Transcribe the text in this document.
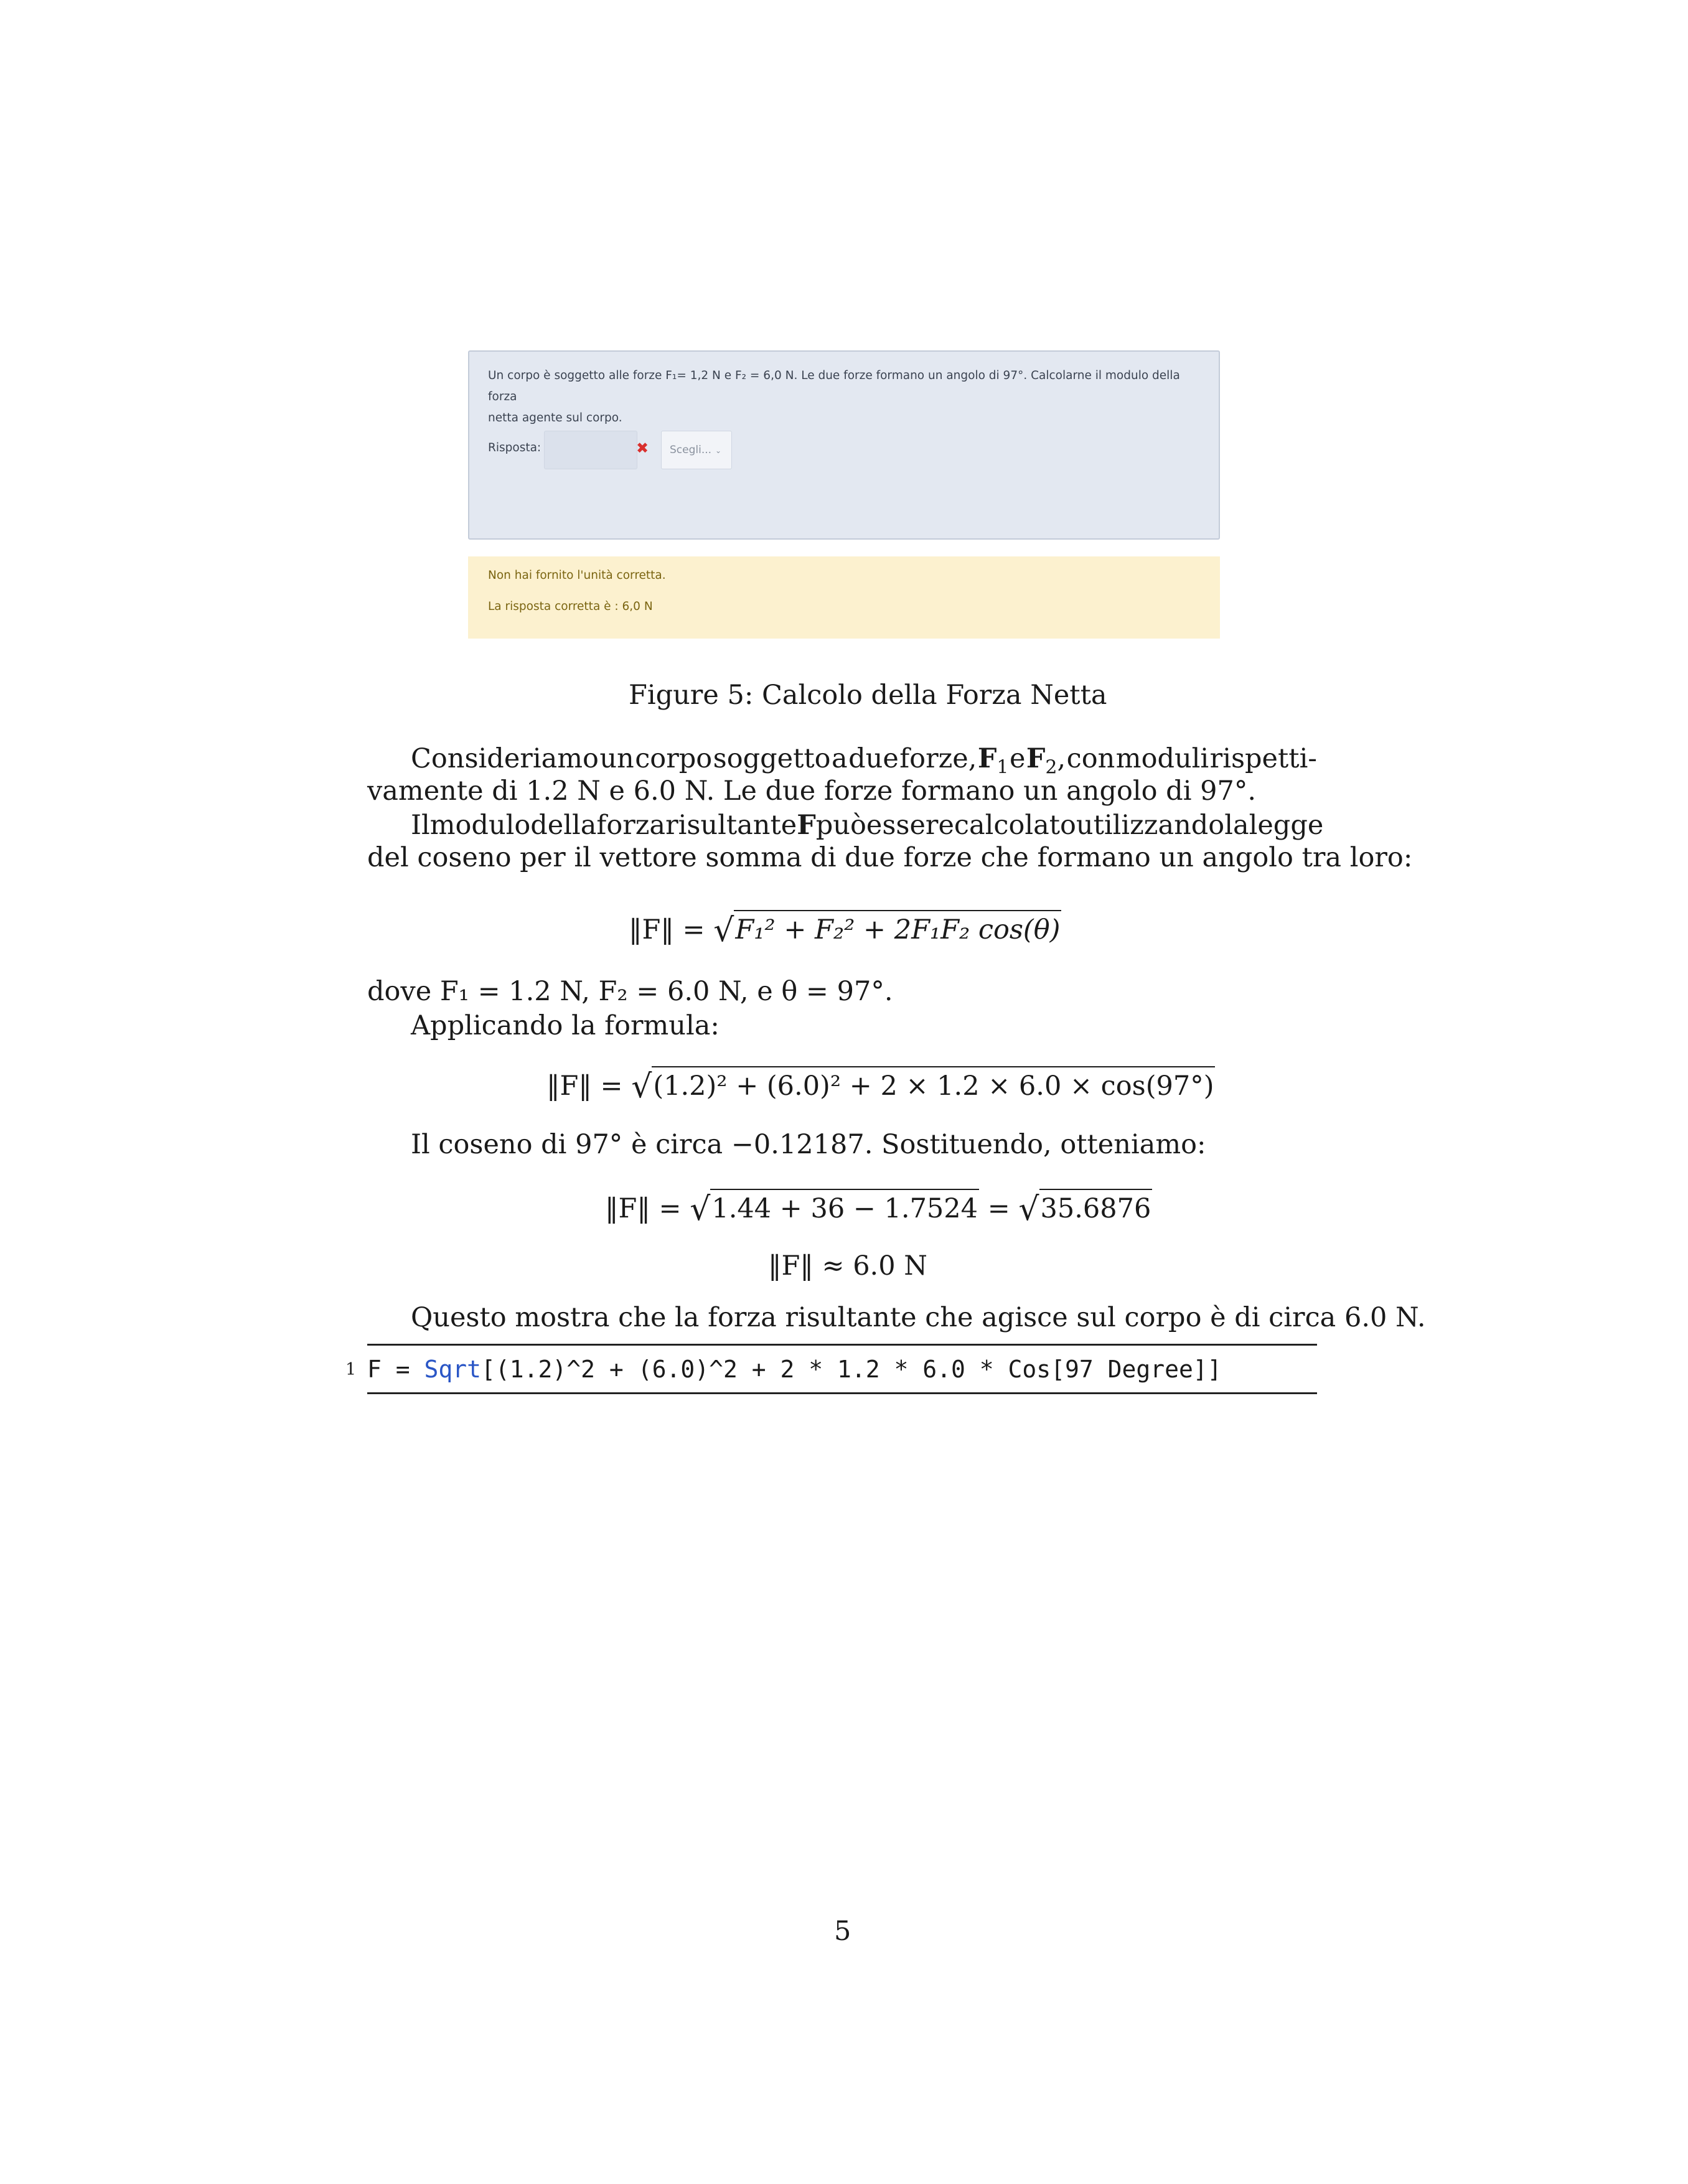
Un corpo è soggetto alle forze F₁= 1,2 N e F₂ = 6,0 N. Le due forze formano un angolo di 97°. Calcolarne il modulo della forza
netta agente sul corpo.
Risposta:	✖	Scegli... ⌄
Non hai fornito l'unità corretta.
La risposta corretta è : 6,0 N
Figure 5: Calcolo della Forza Netta
Consideriamo un corpo soggetto a due forze, $F_1$ e $F_2$, con moduli rispetti-
vamente di 1.2 N e 6.0 N. Le due forze formano un angolo di 97°.
Il modulo della forza risultante F può essere calcolato utilizzando la legge
del coseno per il vettore somma di due forze che formano un angolo tra loro:
‖F‖ = √F₁² + F₂² + 2F₁F₂ cos(θ)
dove F₁ = 1.2 N, F₂ = 6.0 N, e θ = 97°.
Applicando la formula:
‖F‖ = √(1.2)² + (6.0)² + 2 × 1.2 × 6.0 × cos(97°)
Il coseno di 97° è circa −0.12187. Sostituendo, otteniamo:
‖F‖ = √1.44 + 36 − 1.7524 = √35.6876
‖F‖ ≈ 6.0 N
Questo mostra che la forza risultante che agisce sul corpo è di circa 6.0 N.
1 F = Sqrt[(1.2)^2 + (6.0)^2 + 2 * 1.2 * 6.0 * Cos[97 Degree]]
5
